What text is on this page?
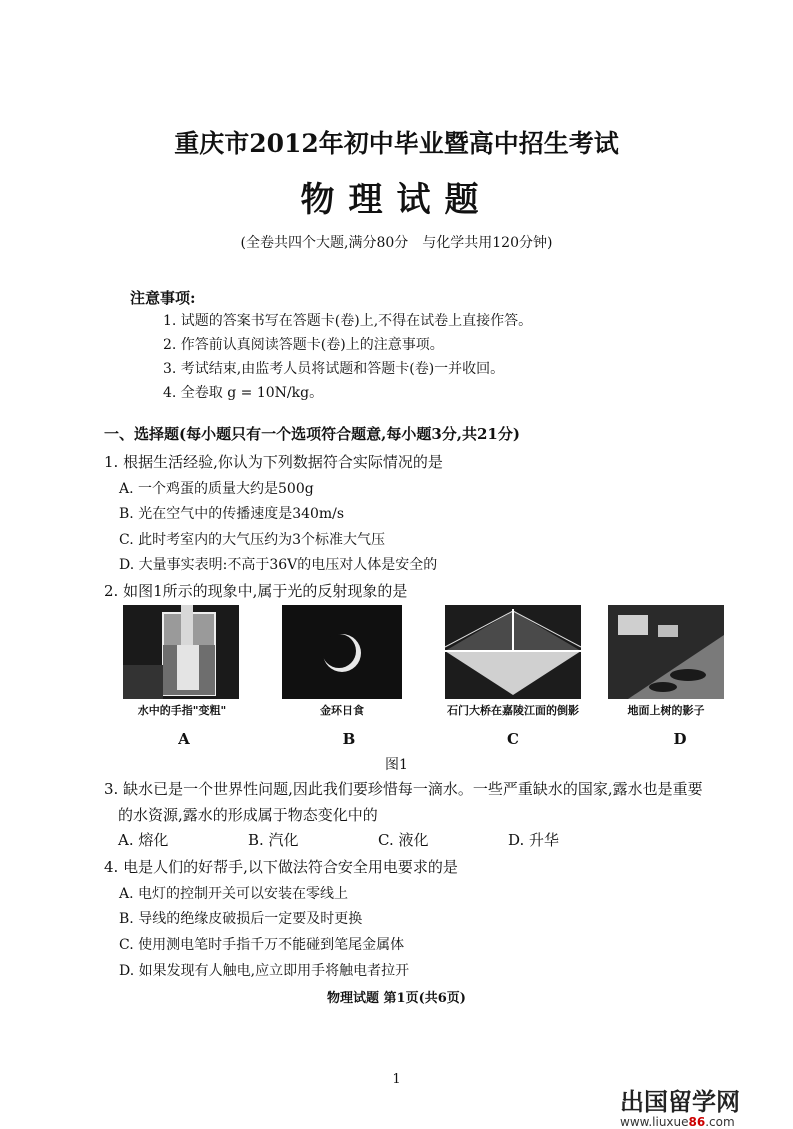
重庆市2012年初中毕业暨高中招生考试
物理试题
(全卷共四个大题,满分80分　与化学共用120分钟)
注意事项:
1. 试题的答案书写在答题卡(卷)上,不得在试卷上直接作答。
2. 作答前认真阅读答题卡(卷)上的注意事项。
3. 考试结束,由监考人员将试题和答题卡(卷)一并收回。
4. 全卷取 g = 10N/kg。
一、选择题(每小题只有一个选项符合题意,每小题3分,共21分)
1. 根据生活经验,你认为下列数据符合实际情况的是
A. 一个鸡蛋的质量大约是500g
B. 光在空气中的传播速度是340m/s
C. 此时考室内的大气压约为3个标准大气压
D. 大量事实表明:不高于36V的电压对人体是安全的
2. 如图1所示的现象中,属于光的反射现象的是
水中的手指"变粗"	金环日食	石门大桥在嘉陵江面的倒影	地面上树的影子
A	B	C	D
图1
3. 缺水已是一个世界性问题,因此我们要珍惜每一滴水。一些严重缺水的国家,露水也是重要
的水资源,露水的形成属于物态变化中的
A. 熔化	B. 汽化	C. 液化	D. 升华
4. 电是人们的好帮手,以下做法符合安全用电要求的是
A. 电灯的控制开关可以安装在零线上
B. 导线的绝缘皮破损后一定要及时更换
C. 使用测电笔时手指千万不能碰到笔尾金属体
D. 如果发现有人触电,应立即用手将触电者拉开
物理试题 第1页(共6页)
1
出国留学网
www.liuxue86.com
